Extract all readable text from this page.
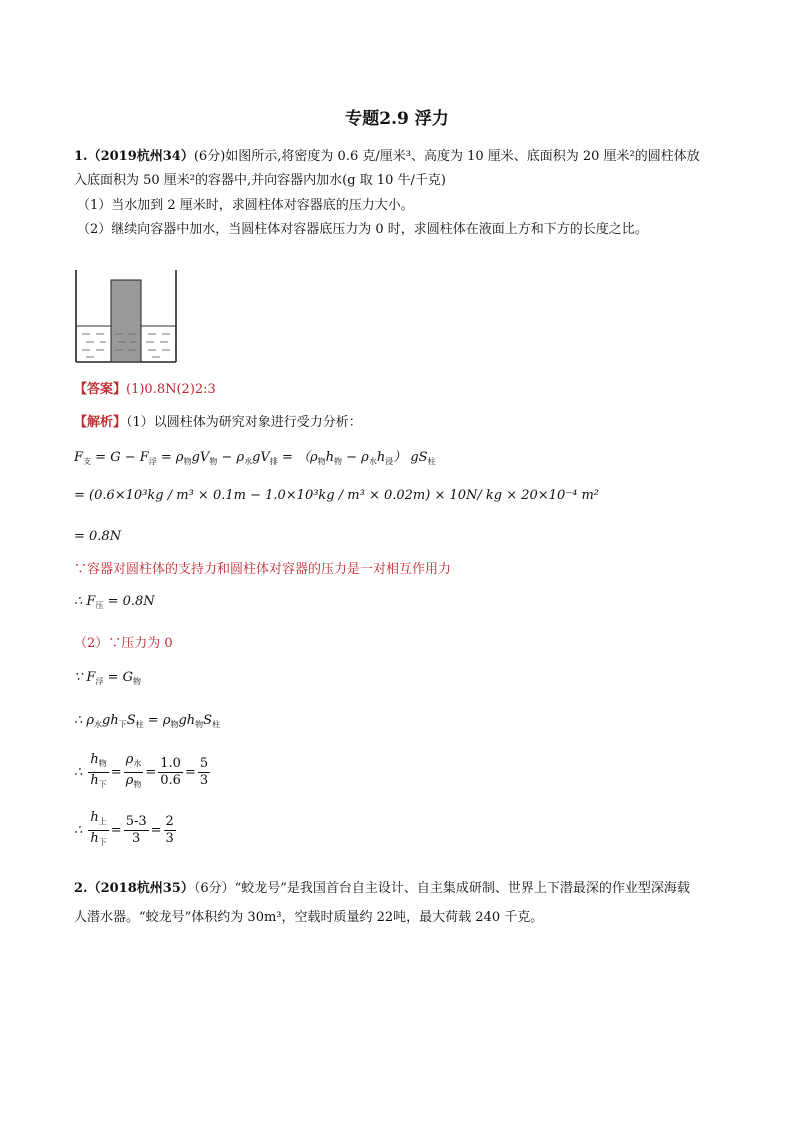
专题2.9 浮力
1.（2019杭州34）(6分)如图所示,将密度为 0.6 克/厘米³、高度为 10 厘米、底面积为 20 厘米²的圆柱体放
入底面积为 50 厘米²的容器中,并向容器内加水(g 取 10 牛/千克)
（1）当水加到 2 厘米时，求圆柱体对容器底的压力大小。
（2）继续向容器中加水，当圆柱体对容器底压力为 0 时，求圆柱体在液面上方和下方的长度之比。
【答案】(1)0.8N(2)2:3
【解析】（1）以圆柱体为研究对象进行受力分析：
$F_支 = G - F_浮 = \rho_物gV_物 - \rho_水gV_排 = (\rho_物h_物 - \rho_水h_浸)$ $gS_柱$
= (0.6×10³kg / m³ × 0.1m − 1.0×10³kg / m³ × 0.02m) × 10N/ kg × 20×10⁻⁴ m²
= 0.8N
∵容器对圆柱体的支持力和圆柱体对容器的压力是一对相互作用力
∴ $F_压 = 0.8N$
（2）∵压力为 0
∵ $F_浮 = G_物$
∴ $\rho_水gh_下S_柱 = \rho_物gh_物S_柱$
∴ $\frac{h_物}{h_下} = \frac{\rho_水}{\rho_物} = \frac{1.0}{0.6} = \frac{5}{3}$
∴ $\frac{h_上}{h_下} = \frac{5-3}{3} = \frac{2}{3}$
2.（2018杭州35）（6分）“蛟龙号”是我国首台自主设计、自主集成研制、世界上下潜最深的作业型深海载
人潜水器。“蛟龙号”体积约为 30m³，空载时质量约 22吨，最大荷载 240 千克。
